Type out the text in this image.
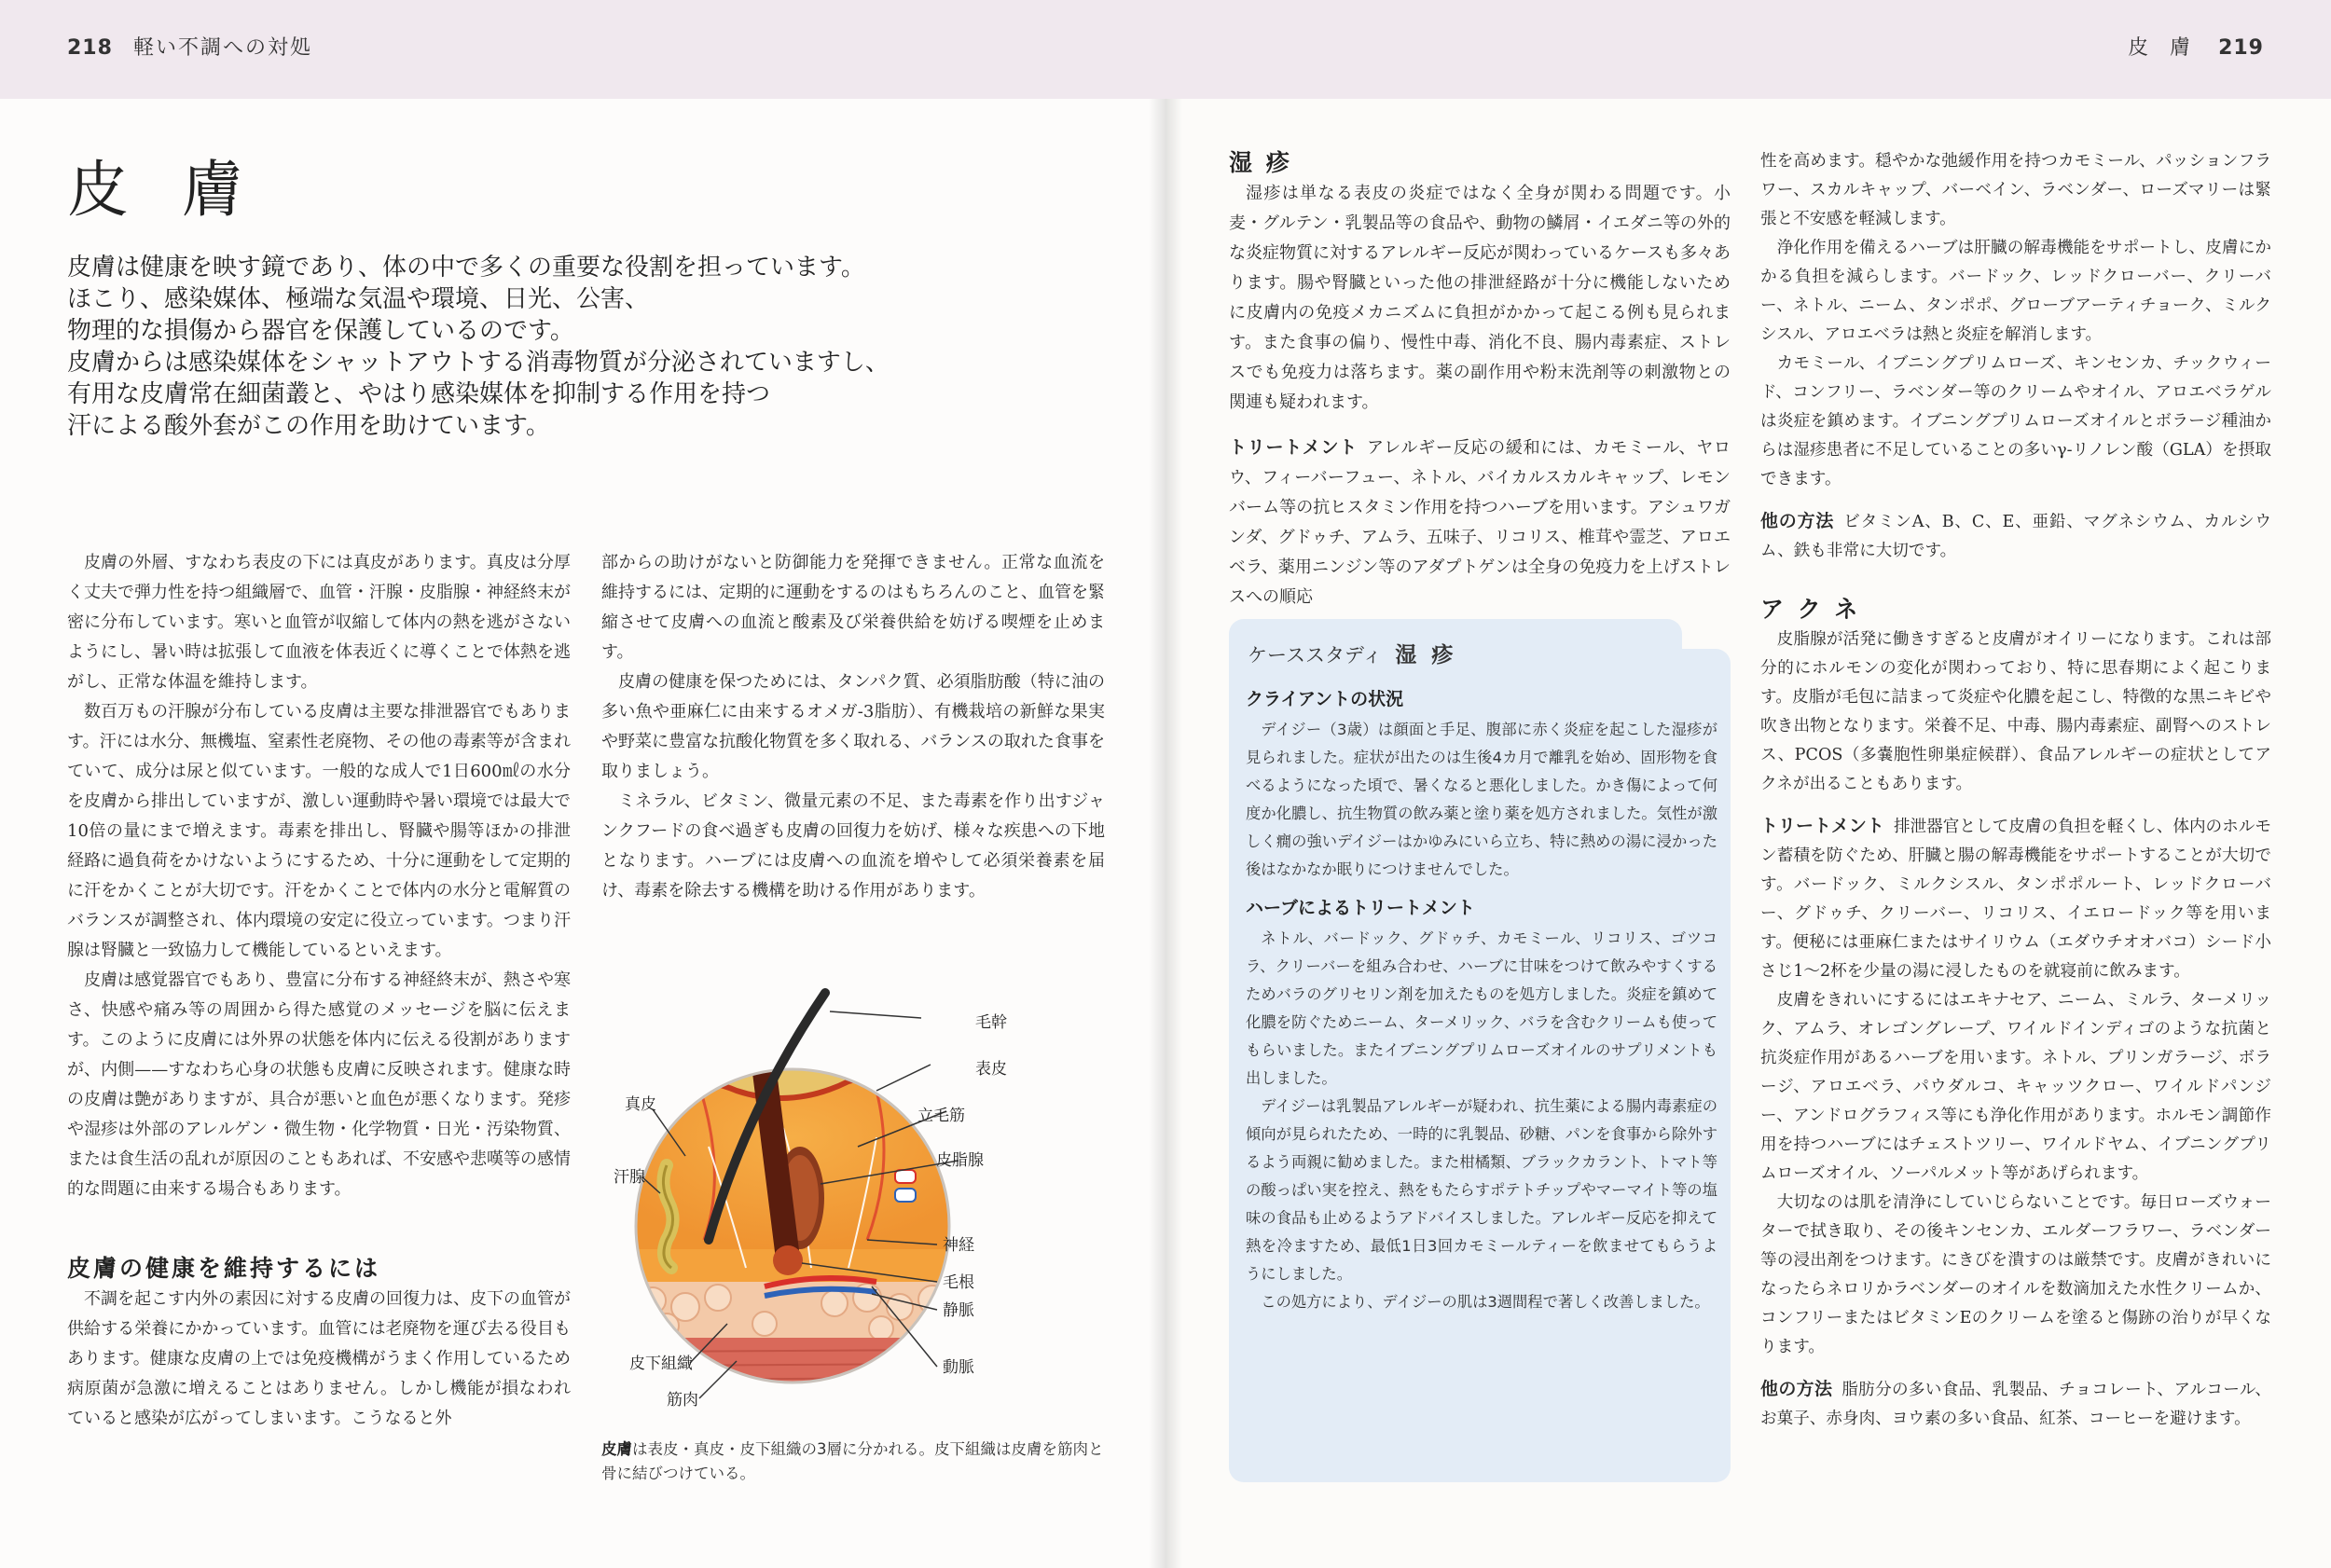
218 軽い不調への対処	皮 膚 219
皮 膚
皮膚は健康を映す鏡であり、体の中で多くの重要な役割を担っています。
ほこり、感染媒体、極端な気温や環境、日光、公害、
物理的な損傷から器官を保護しているのです。
皮膚からは感染媒体をシャットアウトする消毒物質が分泌されていますし、
有用な皮膚常在細菌叢と、やはり感染媒体を抑制する作用を持つ
汗による酸外套がこの作用を助けています。

皮膚の外層、すなわち表皮の下には真皮があります。真皮は分厚く丈夫で弾力性を持つ組織層で、血管・汗腺・皮脂腺・神経終末が密に分布しています。寒いと血管が収縮して体内の熱を逃がさないようにし、暑い時は拡張して血液を体表近くに導くことで体熱を逃がし、正常な体温を維持します。

数百万もの汗腺が分布している皮膚は主要な排泄器官でもあります。汗には水分、無機塩、窒素性老廃物、その他の毒素等が含まれていて、成分は尿と似ています。一般的な成人で1日600㎖の水分を皮膚から排出していますが、激しい運動時や暑い環境では最大で10倍の量にまで増えます。毒素を排出し、腎臓や腸等ほかの排泄経路に過負荷をかけないようにするため、十分に運動をして定期的に汗をかくことが大切です。汗をかくことで体内の水分と電解質のバランスが調整され、体内環境の安定に役立っています。つまり汗腺は腎臓と一致協力して機能しているといえます。

皮膚は感覚器官でもあり、豊富に分布する神経終末が、熱さや寒さ、快感や痛み等の周囲から得た感覚のメッセージを脳に伝えます。このように皮膚には外界の状態を体内に伝える役割がありますが、内側——すなわち心身の状態も皮膚に反映されます。健康な時の皮膚は艶がありますが、具合が悪いと血色が悪くなります。発疹や湿疹は外部のアレルゲン・微生物・化学物質・日光・汚染物質、または食生活の乱れが原因のこともあれば、不安感や悲嘆等の感情的な問題に由来する場合もあります。

皮膚の健康を維持するには

不調を起こす内外の素因に対する皮膚の回復力は、皮下の血管が供給する栄養にかかっています。血管には老廃物を運び去る役目もあります。健康な皮膚の上では免疫機構がうまく作用しているため病原菌が急激に増えることはありません。しかし機能が損なわれていると感染が広がってしまいます。こうなると外

部からの助けがないと防御能力を発揮できません。正常な血流を維持するには、定期的に運動をするのはもちろんのこと、血管を緊縮させて皮膚への血流と酸素及び栄養供給を妨げる喫煙を止めます。

皮膚の健康を保つためには、タンパク質、必須脂肪酸（特に油の多い魚や亜麻仁に由来するオメガ-3脂肪）、有機栽培の新鮮な果実や野菜に豊富な抗酸化物質を多く取れる、バランスの取れた食事を取りましょう。

ミネラル、ビタミン、微量元素の不足、また毒素を作り出すジャンクフードの食べ過ぎも皮膚の回復力を妨げ、様々な疾患への下地となります。ハーブには皮膚への血流を増やして必須栄養素を届け、毒素を除去する機構を助ける作用があります。

毛幹
表皮
真皮
立毛筋
汗腺
皮脂腺
神経
毛根
静脈
皮下組織	動脈
筋肉
皮膚は表皮・真皮・皮下組織の3層に分かれる。皮下組織は皮膚を筋肉と骨に結びつけている。
湿 疹

湿疹は単なる表皮の炎症ではなく全身が関わる問題です。小麦・グルテン・乳製品等の食品や、動物の鱗屑・イエダニ等の外的な炎症物質に対するアレルギー反応が関わっているケースも多々あります。腸や腎臓といった他の排泄経路が十分に機能しないために皮膚内の免疫メカニズムに負担がかかって起こる例も見られます。また食事の偏り、慢性中毒、消化不良、腸内毒素症、ストレスでも免疫力は落ちます。薬の副作用や粉末洗剤等の刺激物との関連も疑われます。

トリートメント アレルギー反応の緩和には、カモミール、ヤロウ、フィーバーフュー、ネトル、バイカルスカルキャップ、レモンバーム等の抗ヒスタミン作用を持つハーブを用います。アシュワガンダ、グドゥチ、アムラ、五味子、リコリス、椎茸や霊芝、アロエベラ、薬用ニンジン等のアダプトゲンは全身の免疫力を上げストレスへの順応

ケーススタディ 湿 疹
クライアントの状況

デイジー（3歳）は顔面と手足、腹部に赤く炎症を起こした湿疹が見られました。症状が出たのは生後4カ月で離乳を始め、固形物を食べるようになった頃で、暑くなると悪化しました。かき傷によって何度か化膿し、抗生物質の飲み薬と塗り薬を処方されました。気性が激しく癇の強いデイジーはかゆみにいら立ち、特に熱めの湯に浸かった後はなかなか眠りにつけませんでした。

ハーブによるトリートメント

ネトル、バードック、グドゥチ、カモミール、リコリス、ゴツコラ、クリーバーを組み合わせ、ハーブに甘味をつけて飲みやすくするためバラのグリセリン剤を加えたものを処方しました。炎症を鎮めて化膿を防ぐためニーム、ターメリック、バラを含むクリームも使ってもらいました。またイブニングプリムローズオイルのサプリメントも出しました。

デイジーは乳製品アレルギーが疑われ、抗生薬による腸内毒素症の傾向が見られたため、一時的に乳製品、砂糖、パンを食事から除外するよう両親に勧めました。また柑橘類、ブラックカラント、トマト等の酸っぱい実を控え、熱をもたらすポテトチップやマーマイト等の塩味の食品も止めるようアドバイスしました。アレルギー反応を抑えて熱を冷ますため、最低1日3回カモミールティーを飲ませてもらうようにしました。

この処方により、デイジーの肌は3週間程で著しく改善しました。

性を高めます。穏やかな弛緩作用を持つカモミール、パッションフラワー、スカルキャップ、バーベイン、ラベンダー、ローズマリーは緊張と不安感を軽減します。

浄化作用を備えるハーブは肝臓の解毒機能をサポートし、皮膚にかかる負担を減らします。バードック、レッドクローバー、クリーバー、ネトル、ニーム、タンポポ、グローブアーティチョーク、ミルクシスル、アロエベラは熱と炎症を解消します。

カモミール、イブニングプリムローズ、キンセンカ、チックウィード、コンフリー、ラベンダー等のクリームやオイル、アロエベラゲルは炎症を鎮めます。イブニングプリムローズオイルとボラージ種油からは湿疹患者に不足していることの多いγ-リノレン酸（GLA）を摂取できます。

他の方法 ビタミンA、B、C、E、亜鉛、マグネシウム、カルシウム、鉄も非常に大切です。

ア ク ネ

皮脂腺が活発に働きすぎると皮膚がオイリーになります。これは部分的にホルモンの変化が関わっており、特に思春期によく起こります。皮脂が毛包に詰まって炎症や化膿を起こし、特徴的な黒ニキビや吹き出物となります。栄養不足、中毒、腸内毒素症、副腎へのストレス、PCOS（多嚢胞性卵巣症候群）、食品アレルギーの症状としてアクネが出ることもあります。

トリートメント 排泄器官として皮膚の負担を軽くし、体内のホルモン蓄積を防ぐため、肝臓と腸の解毒機能をサポートすることが大切です。バードック、ミルクシスル、タンポポルート、レッドクローバー、グドゥチ、クリーバー、リコリス、イエロードック等を用います。便秘には亜麻仁またはサイリウム（エダウチオオバコ）シード小さじ1〜2杯を少量の湯に浸したものを就寝前に飲みます。

皮膚をきれいにするにはエキナセア、ニーム、ミルラ、ターメリック、アムラ、オレゴングレープ、ワイルドインディゴのような抗菌と抗炎症作用があるハーブを用います。ネトル、プリンガラージ、ボラージ、アロエベラ、パウダルコ、キャッツクロー、ワイルドパンジー、アンドログラフィス等にも浄化作用があります。ホルモン調節作用を持つハーブにはチェストツリー、ワイルドヤム、イブニングプリムローズオイル、ソーパルメット等があげられます。

大切なのは肌を清浄にしていじらないことです。毎日ローズウォーターで拭き取り、その後キンセンカ、エルダーフラワー、ラベンダー等の浸出剤をつけます。にきびを潰すのは厳禁です。皮膚がきれいになったらネロリかラベンダーのオイルを数滴加えた水性クリームか、コンフリーまたはビタミンEのクリームを塗ると傷跡の治りが早くなります。

他の方法 脂肪分の多い食品、乳製品、チョコレート、アルコール、お菓子、赤身肉、ヨウ素の多い食品、紅茶、コーヒーを避けます。
